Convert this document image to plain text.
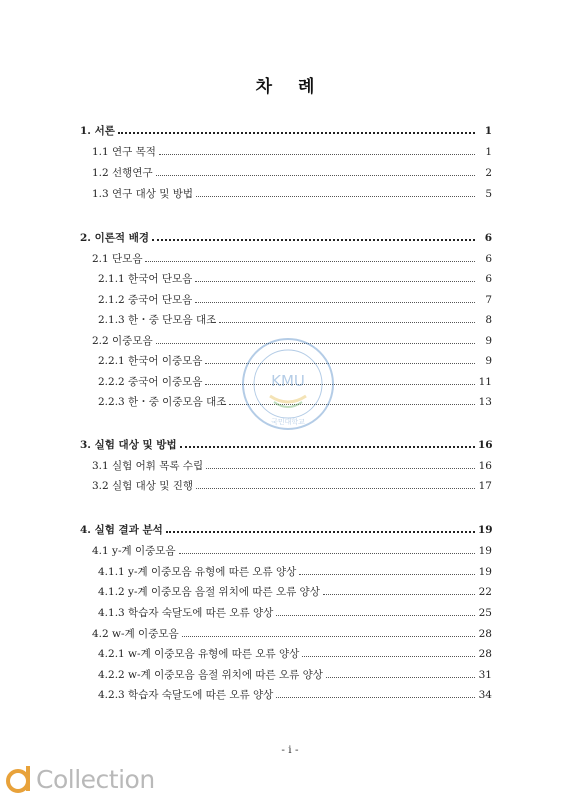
차 례
1. 서론	1
1.1 연구 목적	1
1.2 선행연구	2
1.3 연구 대상 및 방법	5
2. 이론적 배경	6
2.1 단모음	6
2.1.1 한국어 단모음	6
2.1.2 중국어 단모음	7
2.1.3 한・중 단모음 대조	8
2.2 이중모음	9
2.2.1 한국어 이중모음	9
2.2.2 중국어 이중모음	11
2.2.3 한・중 이중모음 대조	13
3. 실험 대상 및 방법	16
3.1 실험 어휘 목록 수립	16
3.2 실험 대상 및 진행	17
4. 실험 결과 분석	19
4.1 y-계 이중모음	19
4.1.1 y-계 이중모음 유형에 따른 오류 양상	19
4.1.2 y-계 이중모음 음절 위치에 따른 오류 양상	22
4.1.3 학습자 숙달도에 따른 오류 양상	25
4.2 w-계 이중모음	28
4.2.1 w-계 이중모음 유형에 따른 오류 양상	28
4.2.2 w-계 이중모음 음절 위치에 따른 오류 양상	31
4.2.3 학습자 숙달도에 따른 오류 양상	34
KMU
국민대학교
- i -
Collection
